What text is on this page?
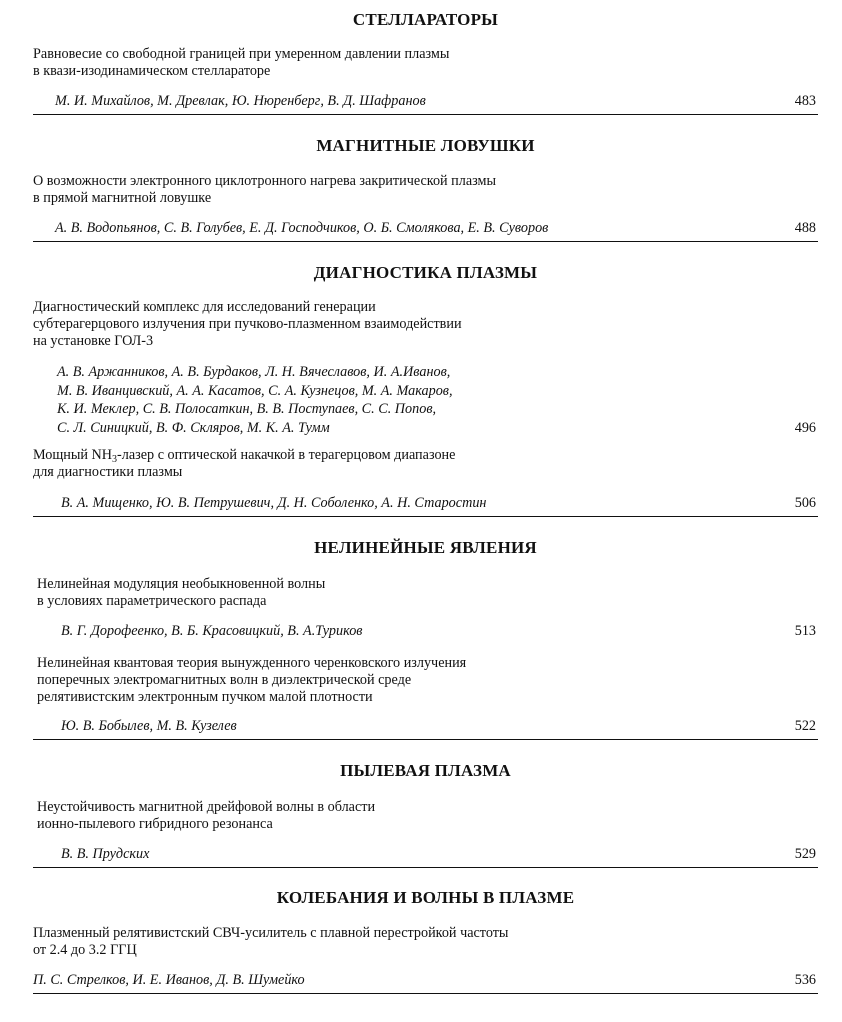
СТЕЛЛАРАТОРЫ

Равновесие со свободной границей при умеренном давлении плазмы

в квази-изодинамическом стеллараторе

М. И. Михайлов, М. Древлак, Ю. Нюренберг, В. Д. Шафранов	483
МАГНИТНЫЕ ЛОВУШКИ

О возможности электронного циклотронного нагрева закритической плазмы

в прямой магнитной ловушке

А. В. Водопьянов, С. В. Голубев, Е. Д. Господчиков, О. Б. Смолякова, Е. В. Суворов	488
ДИАГНОСТИКА ПЛАЗМЫ

Диагностический комплекс для исследований генерации

субтерагерцового излучения при пучково-плазменном взаимодействии

на установке ГОЛ-3

А. В. Аржанников, А. В. Бурдаков, Л. Н. Вячеславов, И. А.Иванов,

М. В. Иванцивский, А. А. Касатов, С. А. Кузнецов, М. А. Макаров,

К. И. Меклер, С. В. Полосаткин, В. В. Поступаев, С. С. Попов,

С. Л. Синицкий, В. Ф. Скляров, М. К. А. Тумм	496

Мощный $NH_3$-лазер с оптической накачкой в терагерцовом диапазоне

для диагностики плазмы

В. А. Мищенко, Ю. В. Петрушевич, Д. Н. Соболенко, А. Н. Старостин	506
НЕЛИНЕЙНЫЕ ЯВЛЕНИЯ

Нелинейная модуляция необыкновенной волны

в условиях параметрического распада

В. Г. Дорофеенко, В. Б. Красовицкий, В. А.Туриков	513

Нелинейная квантовая теория вынужденного черенковского излучения

поперечных электромагнитных волн в диэлектрической среде

релятивистским электронным пучком малой плотности

Ю. В. Бобылев, М. В. Кузелев	522
ПЫЛЕВАЯ ПЛАЗМА

Неустойчивость магнитной дрейфовой волны в области

ионно-пылевого гибридного резонанса

В. В. Прудских	529
КОЛЕБАНИЯ И ВОЛНЫ В ПЛАЗМЕ

Плазменный релятивистский СВЧ-усилитель с плавной перестройкой частоты

от 2.4 до 3.2 ГГЦ

П. С. Стрелков, И. Е. Иванов, Д. В. Шумейко	536
